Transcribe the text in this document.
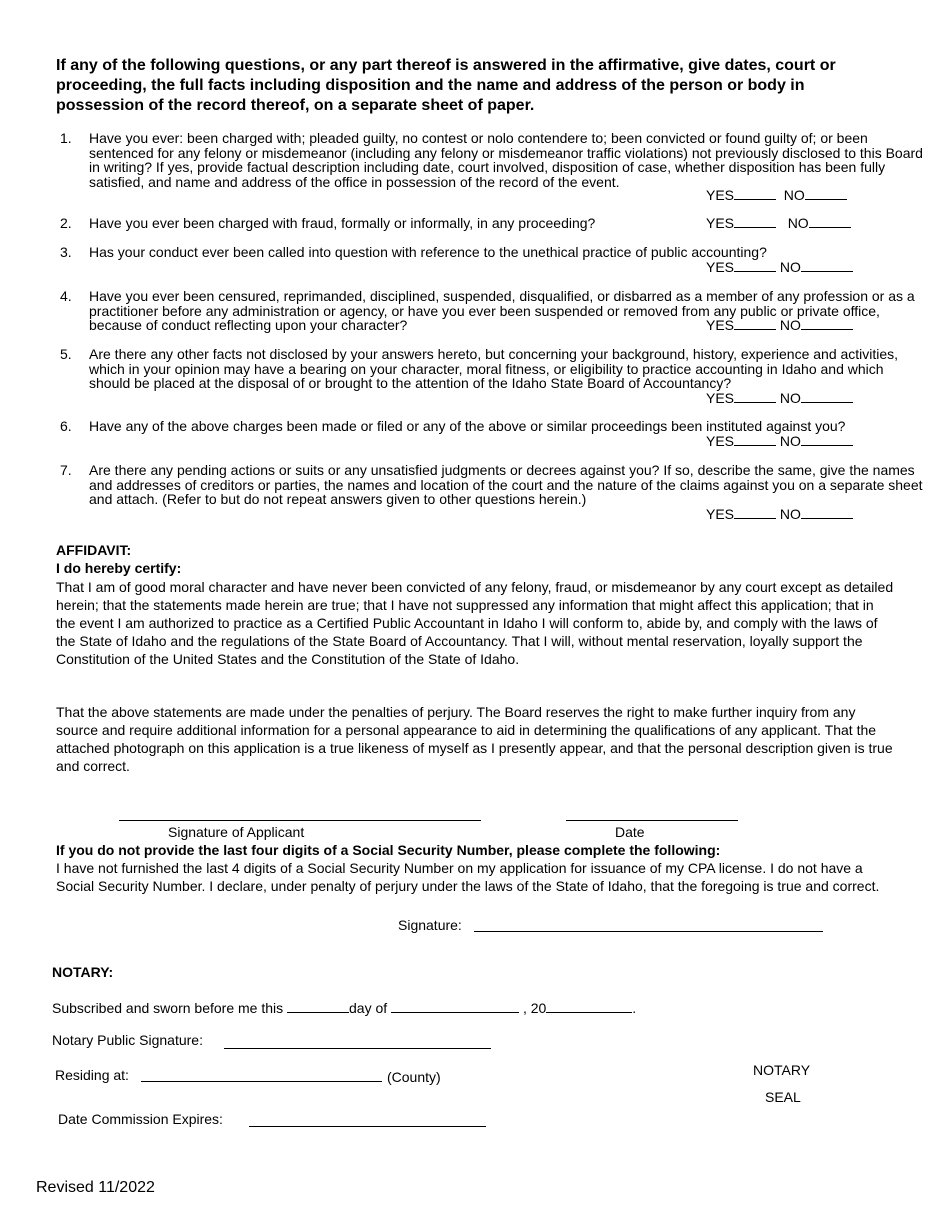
If any of the following questions, or any part thereof is answered in the affirmative, give dates, court or proceeding, the full facts including disposition and the name and address of the person or body in possession of the record thereof, on a separate sheet of paper.

1.	Have you ever: been charged with; pleaded guilty, no contest or nolo contendere to; been convicted or found guilty of; or been sentenced for any felony or misdemeanor (including any felony or misdemeanor traffic violations) not previously disclosed to this Board in writing? If yes, provide factual description including date, court involved, disposition of case, whether disposition has been fully satisfied, and name and address of the office in possession of the record of the event.
YES	NO
2.	Have you ever been charged with fraud, formally or informally, in any proceeding?	YES	NO
3.	Has your conduct ever been called into question with reference to the unethical practice of public accounting?
YES	NO
4.	Have you ever been censured, reprimanded, disciplined, suspended, disqualified, or disbarred as a member of any profession or as a practitioner before any administration or agency, or have you ever been suspended or removed from any public or private office, because of conduct reflecting upon your character?	YES	NO
5.	Are there any other facts not disclosed by your answers hereto, but concerning your background, history, experience and activities, which in your opinion may have a bearing on your character, moral fitness, or eligibility to practice accounting in Idaho and which should be placed at the disposal of or brought to the attention of the Idaho State Board of Accountancy?
YES	NO
6.	Have any of the above charges been made or filed or any of the above or similar proceedings been instituted against you?
YES	NO
7.	Are there any pending actions or suits or any unsatisfied judgments or decrees against you? If so, describe the same, give the names and addresses of creditors or parties, the names and location of the court and the nature of the claims against you on a separate sheet and attach. (Refer to but do not repeat answers given to other questions herein.)
YES	NO
AFFIDAVIT:
I do hereby certify:
That I am of good moral character and have never been convicted of any felony, fraud, or misdemeanor by any court except as detailed herein; that the statements made herein are true; that I have not suppressed any information that might affect this application; that in the event I am authorized to practice as a Certified Public Accountant in Idaho I will conform to, abide by, and comply with the laws of the State of Idaho and the regulations of the State Board of Accountancy. That I will, without mental reservation, loyally support the Constitution of the United States and the Constitution of the State of Idaho.
That the above statements are made under the penalties of perjury. The Board reserves the right to make further inquiry from any source and require additional information for a personal appearance to aid in determining the qualifications of any applicant. That the attached photograph on this application is a true likeness of myself as I presently appear, and that the personal description given is true and correct.
Signature of Applicant	Date
If you do not provide the last four digits of a Social Security Number, please complete the following:
I have not furnished the last 4 digits of a Social Security Number on my application for issuance of my CPA license. I do not have a Social Security Number. I declare, under penalty of perjury under the laws of the State of Idaho, that the foregoing is true and correct.
Signature:
NOTARY:
Subscribed and sworn before me this	day of	, 20	.
Notary Public Signature:
Residing at:	(County)
Date Commission Expires:
NOTARY
SEAL
Revised 11/2022
